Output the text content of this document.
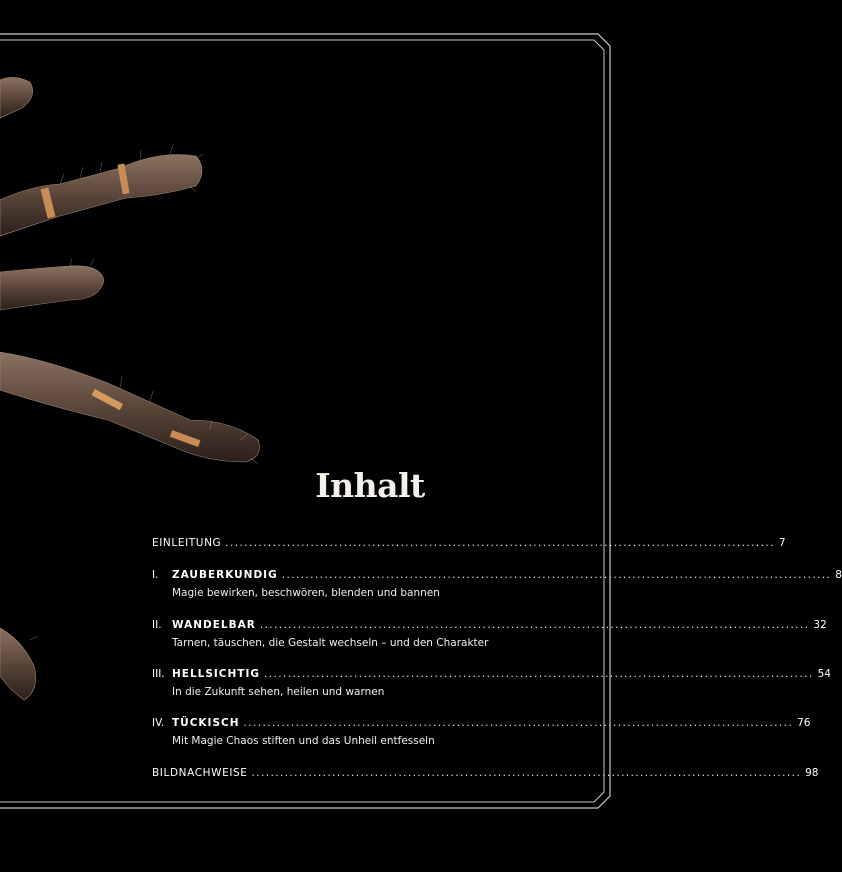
Inhalt
EINLEITUNG .................................................................................................................... 7
I.	ZAUBERKUNDIG .................................................................................................................... 8
Magie bewirken, beschwören, blenden und bannen
II. WANDELBAR .................................................................................................................... 32
Tarnen, täuschen, die Gestalt wechseln – und den Charakter
III. HELLSICHTIG .................................................................................................................... 54
In die Zukunft sehen, heilen und warnen
IV. TÜCKISCH .................................................................................................................... 76
Mit Magie Chaos stiften und das Unheil entfesseln
BILDNACHWEISE .................................................................................................................... 98
